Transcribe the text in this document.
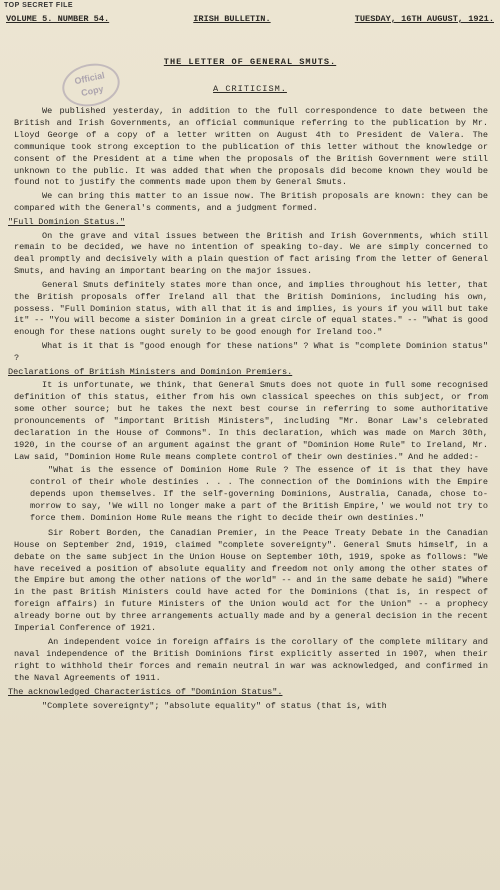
TOP SECRET FILE
VOLUME 5. NUMBER 54.	IRISH BULLETIN.	TUESDAY, 16TH AUGUST, 1921.
Official
Copy
THE LETTER OF GENERAL SMUTS.
A CRITICISM.

We published yesterday, in addition to the full correspondence to date between the British and Irish Governments, an official communique referring to the publication by Mr. Lloyd George of a copy of a letter written on August 4th to President de Valera. The communique took strong exception to the publication of this letter without the knowledge or consent of the President at a time when the proposals of the British Government were still unknown to the public. It was added that when the proposals did become known they would be found not to justify the comments made upon them by General Smuts.

We can bring this matter to an issue now. The British proposals are known: they can be compared with the General's comments, and a judgment formed.

"Full Dominion Status."

On the grave and vital issues between the British and Irish Governments, which still remain to be decided, we have no intention of speaking to-day. We are simply concerned to deal promptly and decisively with a plain question of fact arising from the letter of General Smuts, and having an important bearing on the major issues.

General Smuts definitely states more than once, and implies throughout his letter, that the British proposals offer Ireland all that the British Dominions, including his own, possess. "Full Dominion status, with all that it is and implies, is yours if you will but take it" -- "You will become a sister Dominion in a great circle of equal states." -- "What is good enough for these nations ought surely to be good enough for Ireland too."

What is it that is "good enough for these nations" ? What is "complete Dominion status" ?

Declarations of British Ministers and Dominion Premiers.

It is unfortunate, we think, that General Smuts does not quote in full some recognised definition of this status, either from his own classical speeches on this subject, or from some other source; but he takes the next best course in referring to some authoritative pronouncements of "important British Ministers", including "Mr. Bonar Law's celebrated declaration in the House of Commons". In this declaration, which was made on March 30th, 1920, in the course of an argument against the grant of "Dominion Home Rule" to Ireland, Mr. Law said, "Dominion Home Rule means complete control of their own destinies." And he added:-

"What is the essence of Dominion Home Rule ? The essence of it is that they have control of their whole destinies . . . The connection of the Dominions with the Empire depends upon themselves. If the self-governing Dominions, Australia, Canada, chose to-morrow to say, 'We will no longer make a part of the British Empire,' we would not try to force them. Dominion Home Rule means the right to decide their own destinies."

Sir Robert Borden, the Canadian Premier, in the Peace Treaty Debate in the Canadian House on September 2nd, 1919, claimed "complete sovereignty". General Smuts himself, in a debate on the same subject in the Union House on September 10th, 1919, spoke as follows: "We have received a position of absolute equality and freedom not only among the other states of the Empire but among the other nations of the world" -- and in the same debate he said) "Where in the past British Ministers could have acted for the Dominions (that is, in respect of foreign affairs) in future Ministers of the Union would act for the Union" -- a prophecy already borne out by three arrangements actually made and by a general decision in the recent Imperial Conference of 1921.

An independent voice in foreign affairs is the corollary of the complete military and naval independence of the British Dominions first explicitly asserted in 1907, when their right to withhold their forces and remain neutral in war was acknowledged, and confirmed in the Naval Agreements of 1911.

The acknowledged Characteristics of "Dominion Status".

"Complete sovereignty"; "absolute equality" of status (that is, with
